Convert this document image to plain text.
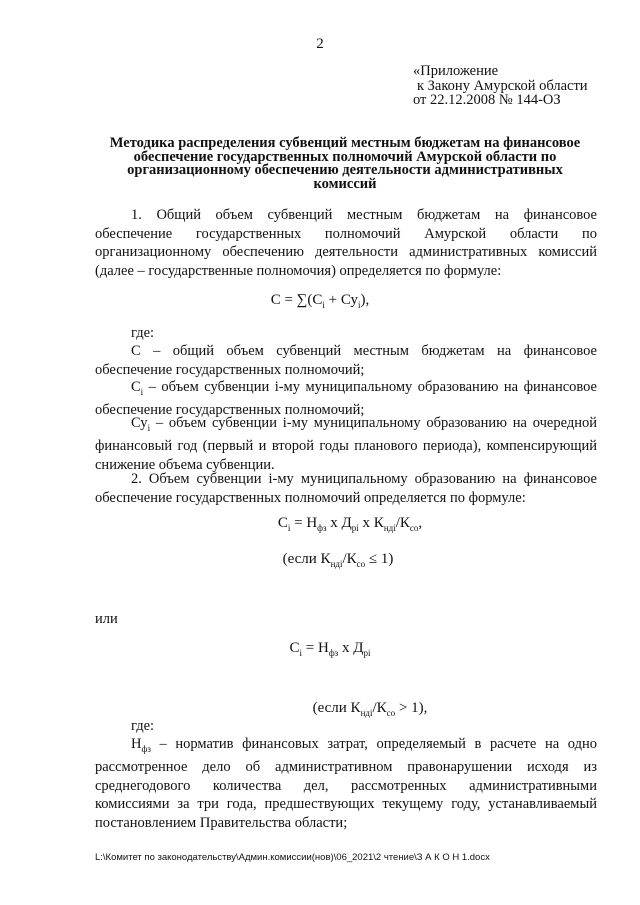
2
«Приложение
к Закону Амурской области
от 22.12.2008 № 144-ОЗ
Методика распределения субвенций местным бюджетам на финансовое обеспечение государственных полномочий Амурской области по организационному обеспечению деятельности административных комиссий
1. Общий объем субвенций местным бюджетам на финансовое обеспечение государственных полномочий Амурской области по организационному обеспечению деятельности административных комиссий (далее – государственные полномочия) определяется по формуле:
$С = \sum(С_i + Су_i)$,
где:
С – общий объем субвенций местным бюджетам на финансовое обеспечение государственных полномочий;
$С_i$ – объем субвенции i-му муниципальному образованию на финансовое обеспечение государственных полномочий;
$Су_i$ – объем субвенции i-му муниципальному образованию на очередной финансовый год (первый и второй годы планового периода), компенсирующий снижение объема субвенции.
2. Объем субвенции i-му муниципальному образованию на финансовое обеспечение государственных полномочий определяется по формуле:
$С_i = Н_{фз}$ х $Д_{рi}$ х $К_{нді}/К_{со}$,
(если $К_{нді}/К_{со} \le 1$)
или
$С_i = Н_{фз}$ х $Д_{рі}$
(если $К_{нді}/К_{со} > 1$),
где:
$Н_{фз}$ – норматив финансовых затрат, определяемый в расчете на одно рассмотренное дело об административном правонарушении исходя из среднегодового количества дел, рассмотренных административными комиссиями за три года, предшествующих текущему году, устанавливаемый постановлением Правительства области;
L:\Комитет по законодательству\Админ.комиссии(нов)\06_2021\2 чтение\З А К О Н 1.docx
